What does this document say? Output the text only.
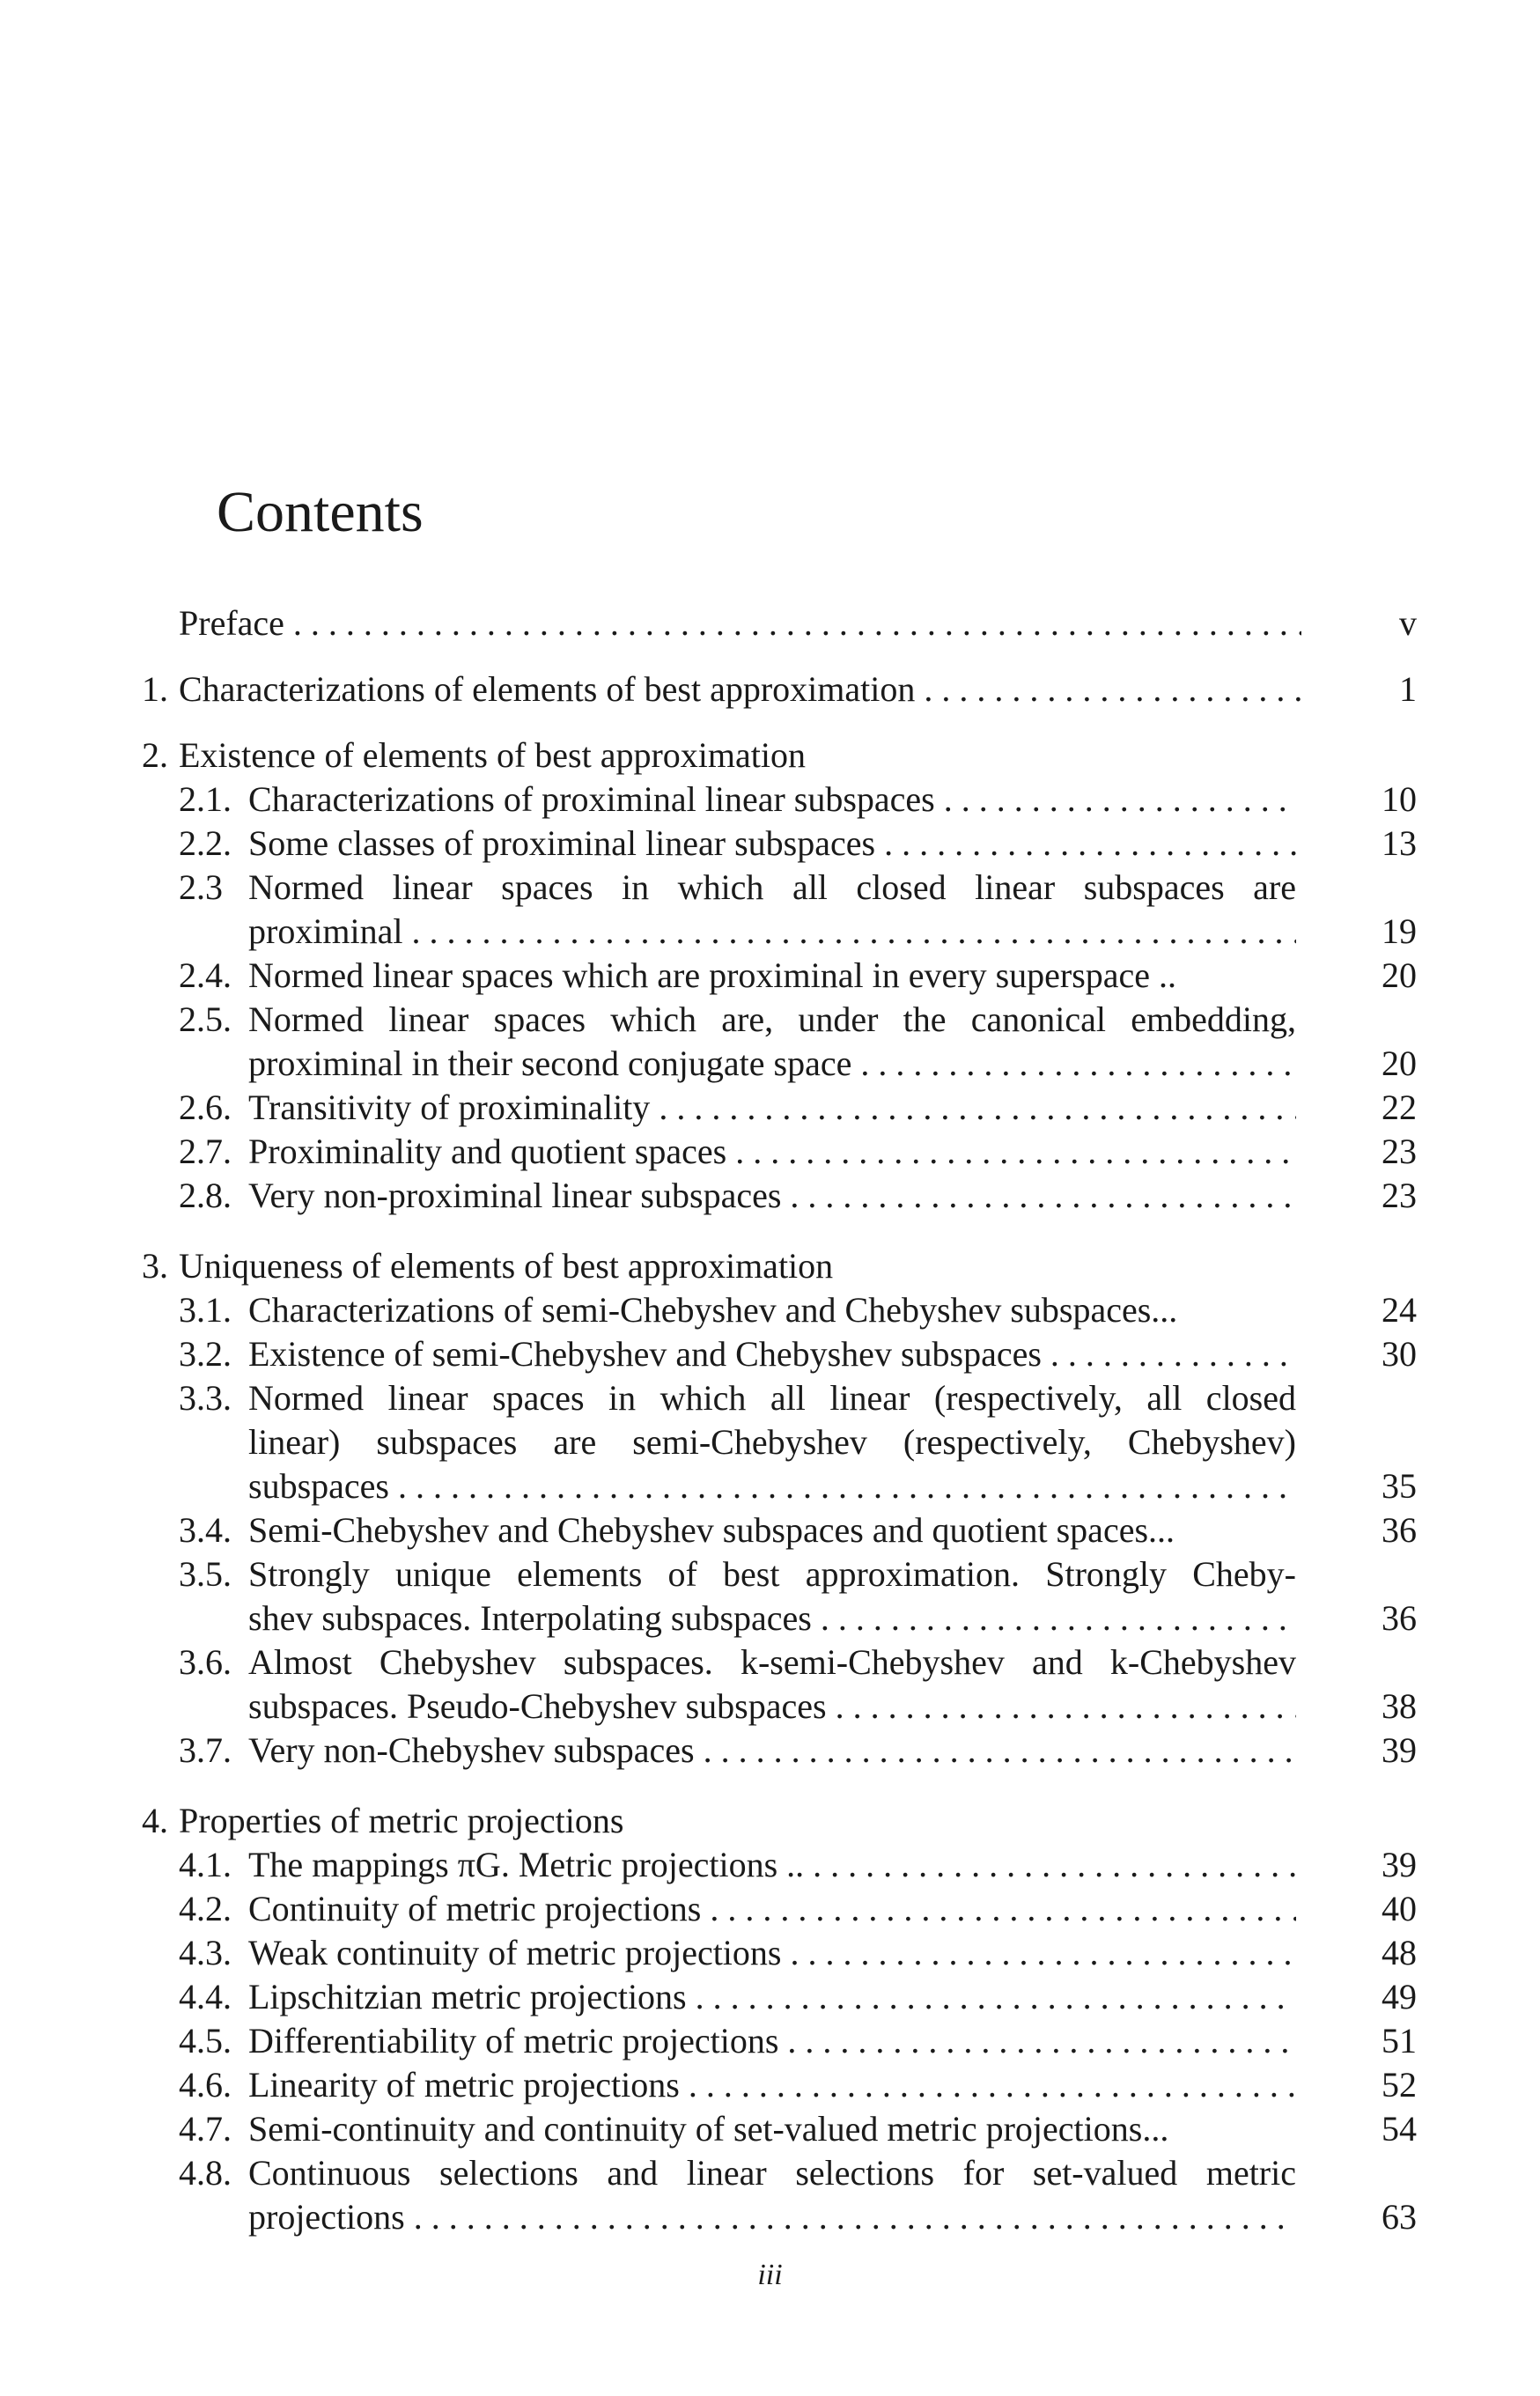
Contents
Preface . . .	v
1. Characterizations of elements of best approximation . . .	1
2. Existence of elements of best approximation
2.1. Characterizations of proximinal linear subspaces . . .	10
2.2. Some classes of proximinal linear subspaces . . .	13
2.3 Normed linear spaces in which all closed linear subspaces are
proximinal . . .	19
2.4. Normed linear spaces which are proximinal in every superspace ..	20
2.5. Normed linear spaces which are, under the canonical embedding,
proximinal in their second conjugate space . . .	20
2.6. Transitivity of proximinality . . .	22
2.7. Proximinality and quotient spaces . . .	23
2.8. Very non-proximinal linear subspaces . . .	23
3. Uniqueness of elements of best approximation
3.1. Characterizations of semi-Chebyshev and Chebyshev subspaces...	24
3.2. Existence of semi-Chebyshev and Chebyshev subspaces . . .	30
3.3. Normed linear spaces in which all linear (respectively, all closed
linear) subspaces are semi-Chebyshev (respectively, Chebyshev)
subspaces . . .	35
3.4. Semi-Chebyshev and Chebyshev subspaces and quotient spaces...	36
3.5. Strongly unique elements of best approximation. Strongly Cheby-
shev subspaces. Interpolating subspaces . . .	36
3.6. Almost Chebyshev subspaces. k-semi-Chebyshev and k-Chebyshev
subspaces. Pseudo-Chebyshev subspaces . . .	38
3.7. Very non-Chebyshev subspaces . . .	39
4. Properties of metric projections
4.1. The mappings πG. Metric projections .. . . .	39
4.2. Continuity of metric projections . . .	40
4.3. Weak continuity of metric projections . . .	48
4.4. Lipschitzian metric projections . . .	49
4.5. Differentiability of metric projections . . .	51
4.6. Linearity of metric projections . . .	52
4.7. Semi-continuity and continuity of set-valued metric projections...	54
4.8. Continuous selections and linear selections for set-valued metric
projections . . .	63
iii
